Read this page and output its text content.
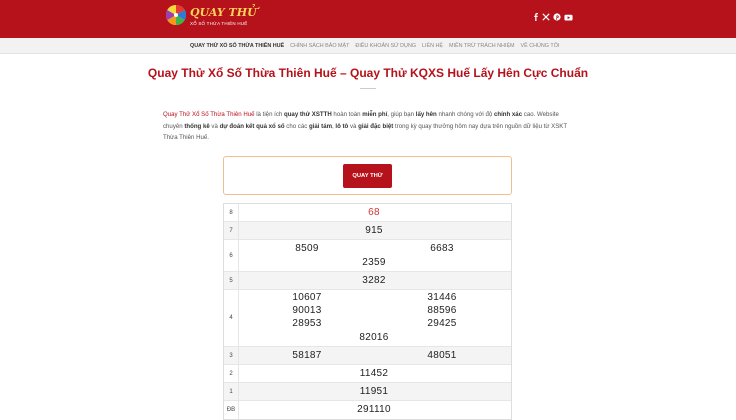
QUAY THỬ
XỔ SỐ THỪA THIÊN HUẾ
QUAY THỬ XỔ SỐ THỪA THIÊN HUẾ CHÍNH SÁCH BẢO MẬT ĐIỀU KHOẢN SỬ DỤNG LIÊN HỆ MIỄN TRỪ TRÁCH NHIỆM VỀ CHÚNG TÔI
Quay Thử Xổ Số Thừa Thiên Huế – Quay Thử KQXS Huế Lấy Hên Cực Chuẩn

Quay Thử Xổ Số Thừa Thiên Huế là tiện ích quay thử XSTTH hoàn toàn miễn phí, giúp bạn lấy hên nhanh chóng với độ chính xác cao. Website chuyên thống kê và dự đoán kết quả xổ số cho các giải tám, lô tô và giải đặc biệt trong kỳ quay thưởng hôm nay dựa trên nguồn dữ liệu từ XSKT Thừa Thiên Huế.

QUAY THỬ
8	68
7	915
6
8509	6683
2359
5	3282
4
10607	31446
90013	88596
28953	29425
82016
3	58187	48051
2	11452
1	11951
ĐB	291110
